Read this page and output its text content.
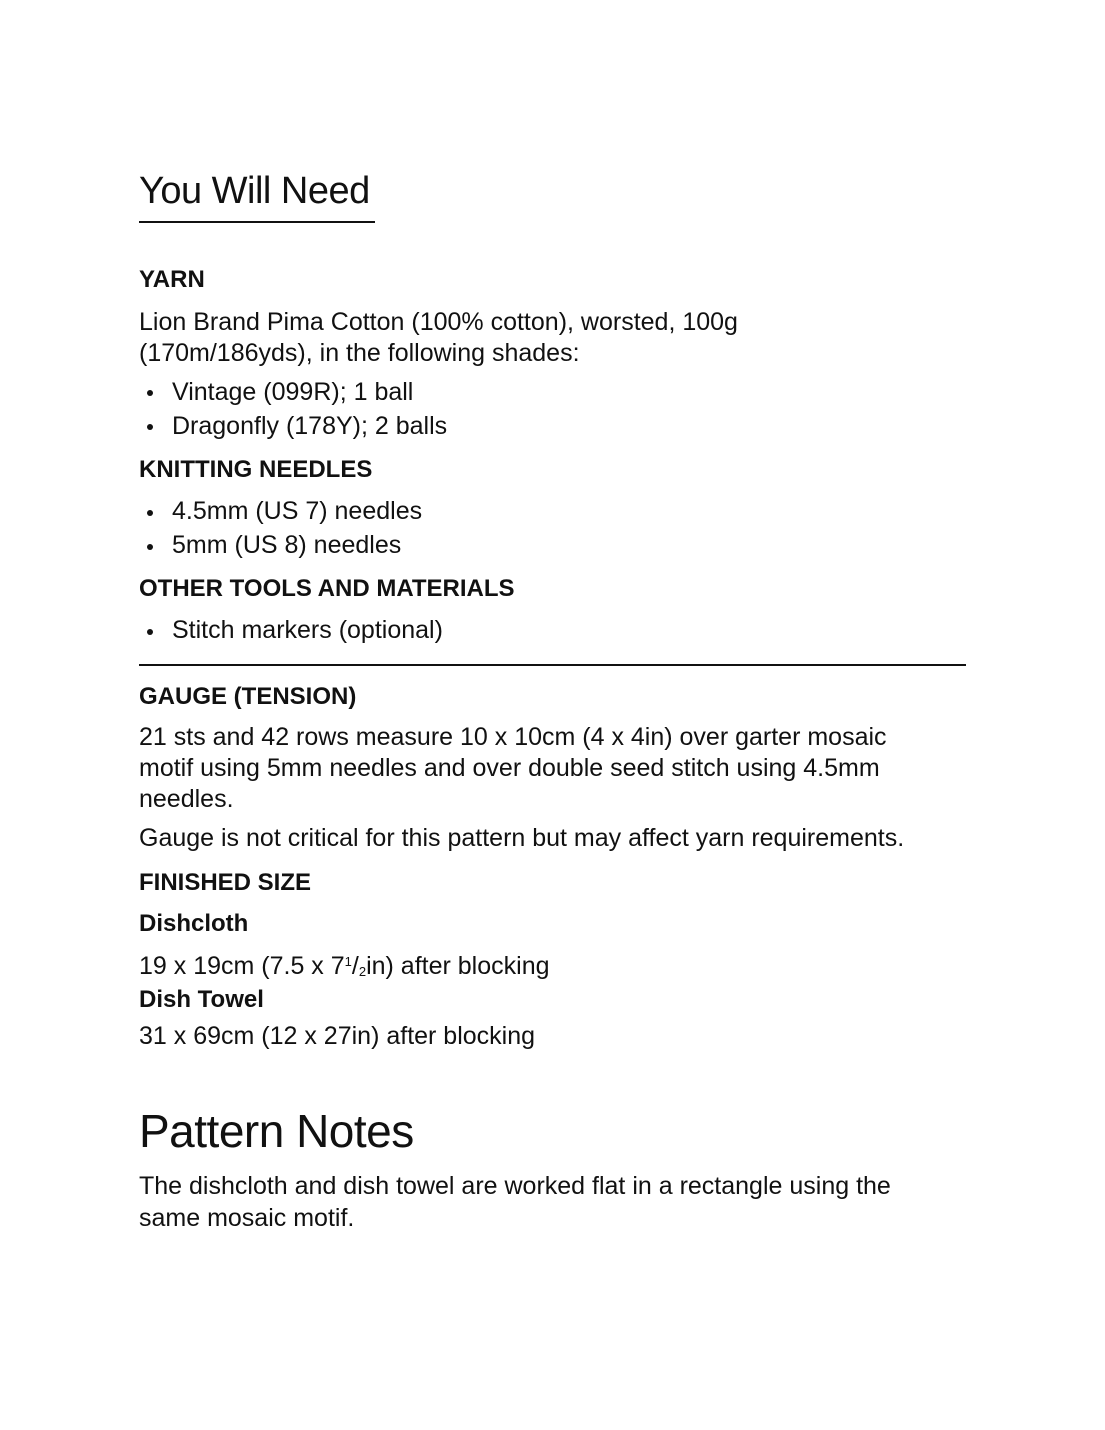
You Will Need
YARN
Lion Brand Pima Cotton (100% cotton), worsted, 100g
(170m/186yds), in the following shades:
Vintage (099R); 1 ball
Dragonfly (178Y); 2 balls
KNITTING NEEDLES
4.5mm (US 7) needles
5mm (US 8) needles
OTHER TOOLS AND MATERIALS
Stitch markers (optional)
GAUGE (TENSION)
21 sts and 42 rows measure 10 x 10cm (4 x 4in) over garter mosaic
motif using 5mm needles and over double seed stitch using 4.5mm
needles.
Gauge is not critical for this pattern but may affect yarn requirements.
FINISHED SIZE
Dishcloth
19 x 19cm (7.5 x $7^1/2in$) after blocking
Dish Towel
31 x 69cm (12 x 27in) after blocking
Pattern Notes
The dishcloth and dish towel are worked flat in a rectangle using the
same mosaic motif.
